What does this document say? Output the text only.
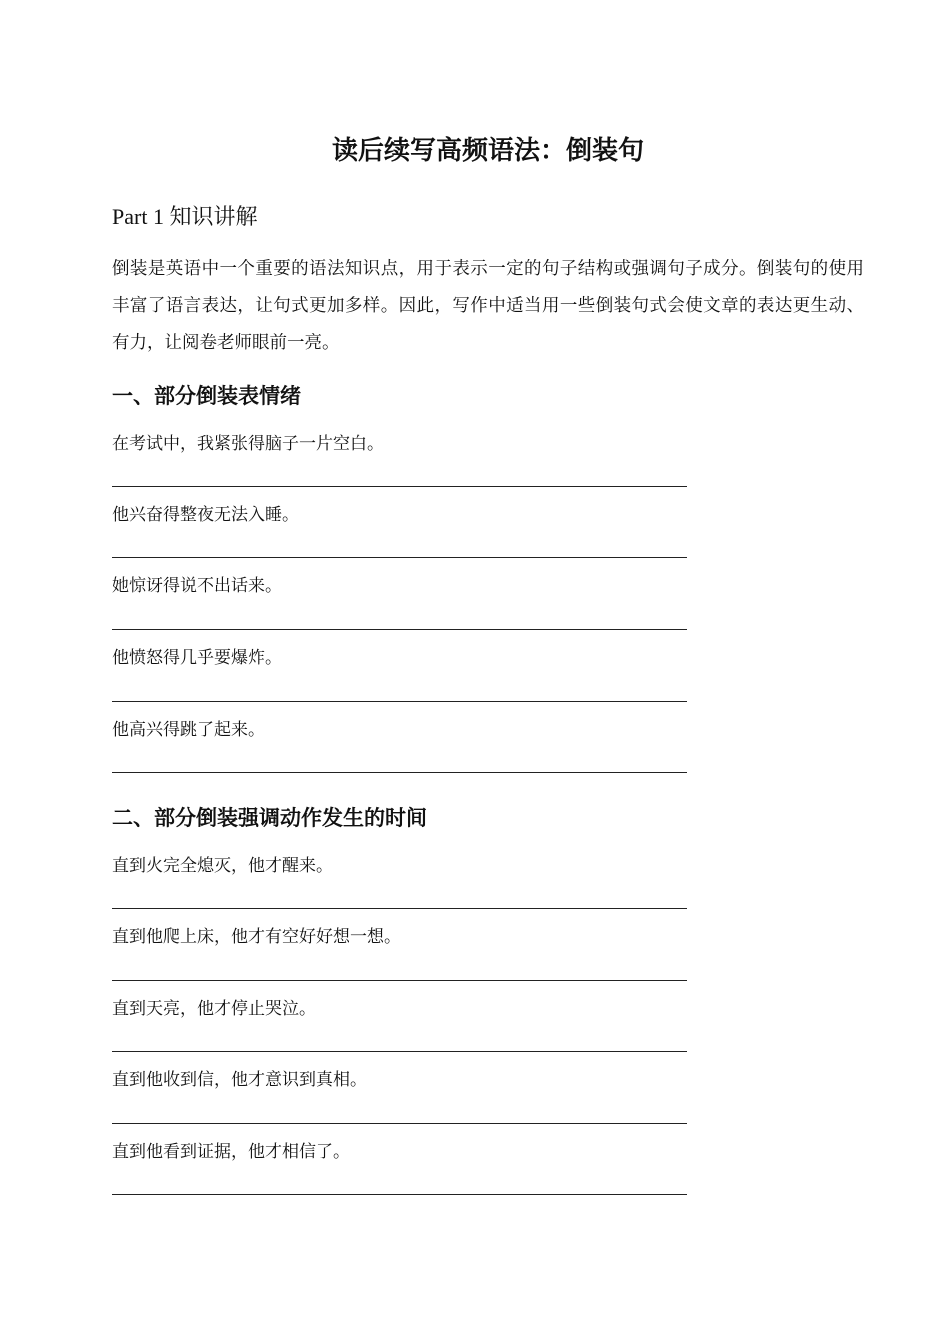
读后续写高频语法：倒装句
Part 1 知识讲解

倒装是英语中一个重要的语法知识点，用于表示一定的句子结构或强调句子成分。倒装句的使用丰富了语言表达，让句式更加多样。因此，写作中适当用一些倒装句式会使文章的表达更生动、有力，让阅卷老师眼前一亮。

一、部分倒装表情绪

在考试中，我紧张得脑子一片空白。

他兴奋得整夜无法入睡。

她惊讶得说不出话来。

他愤怒得几乎要爆炸。

他高兴得跳了起来。

二、部分倒装强调动作发生的时间

直到火完全熄灭，他才醒来。

直到他爬上床，他才有空好好想一想。

直到天亮，他才停止哭泣。

直到他收到信，他才意识到真相。

直到他看到证据，他才相信了。
